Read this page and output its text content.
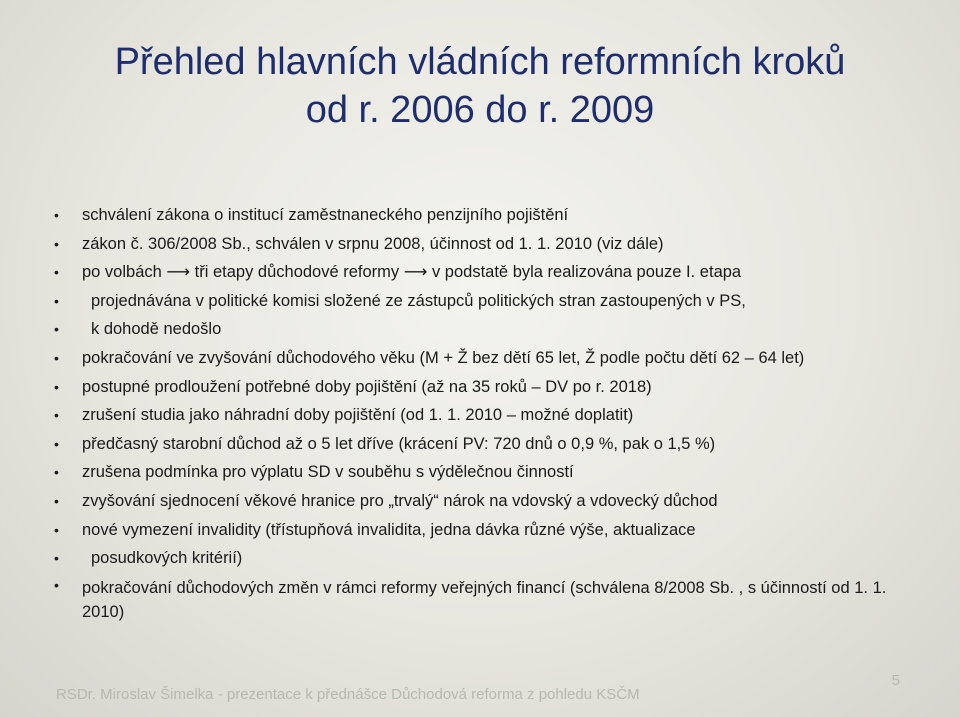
Přehled hlavních vládních reformních kroků
od r. 2006 do r. 2009
• schválení zákona o institucí zaměstnaneckého penzijního pojištění
• zákon č. 306/2008 Sb., schválen v srpnu 2008, účinnost od 1. 1. 2010 (viz dále)
• po volbách ⟶ tři etapy důchodové reformy ⟶ v podstatě byla realizována pouze I. etapa
• projednávána v politické komisi složené ze zástupců politických stran zastoupených v PS,
• k dohodě nedošlo
• pokračování ve zvyšování důchodového věku (M + Ž bez dětí 65 let, Ž podle počtu dětí 62 – 64 let)
• postupné prodloužení potřebné doby pojištění (až na 35 roků – DV po r. 2018)
• zrušení studia jako náhradní doby pojištění (od 1. 1. 2010 – možné doplatit)
• předčasný starobní důchod až o 5 let dříve (krácení PV: 720 dnů o 0,9 %, pak o 1,5 %)
• zrušena podmínka pro výplatu SD v souběhu s výdělečnou činností
• zvyšování sjednocení věkové hranice pro „trvalý“ nárok na vdovský a vdovecký důchod
• nové vymezení invalidity (třístupňová invalidita, jedna dávka různé výše, aktualizace
• posudkových kritérií)
• pokračování důchodových změn v rámci reformy veřejných financí (schválena 8/2008 Sb. , s účinností od 1. 1. 2010)
RSDr. Miroslav Šimelka - prezentace k přednášce Důchodová reforma z pohledu KSČM
5
